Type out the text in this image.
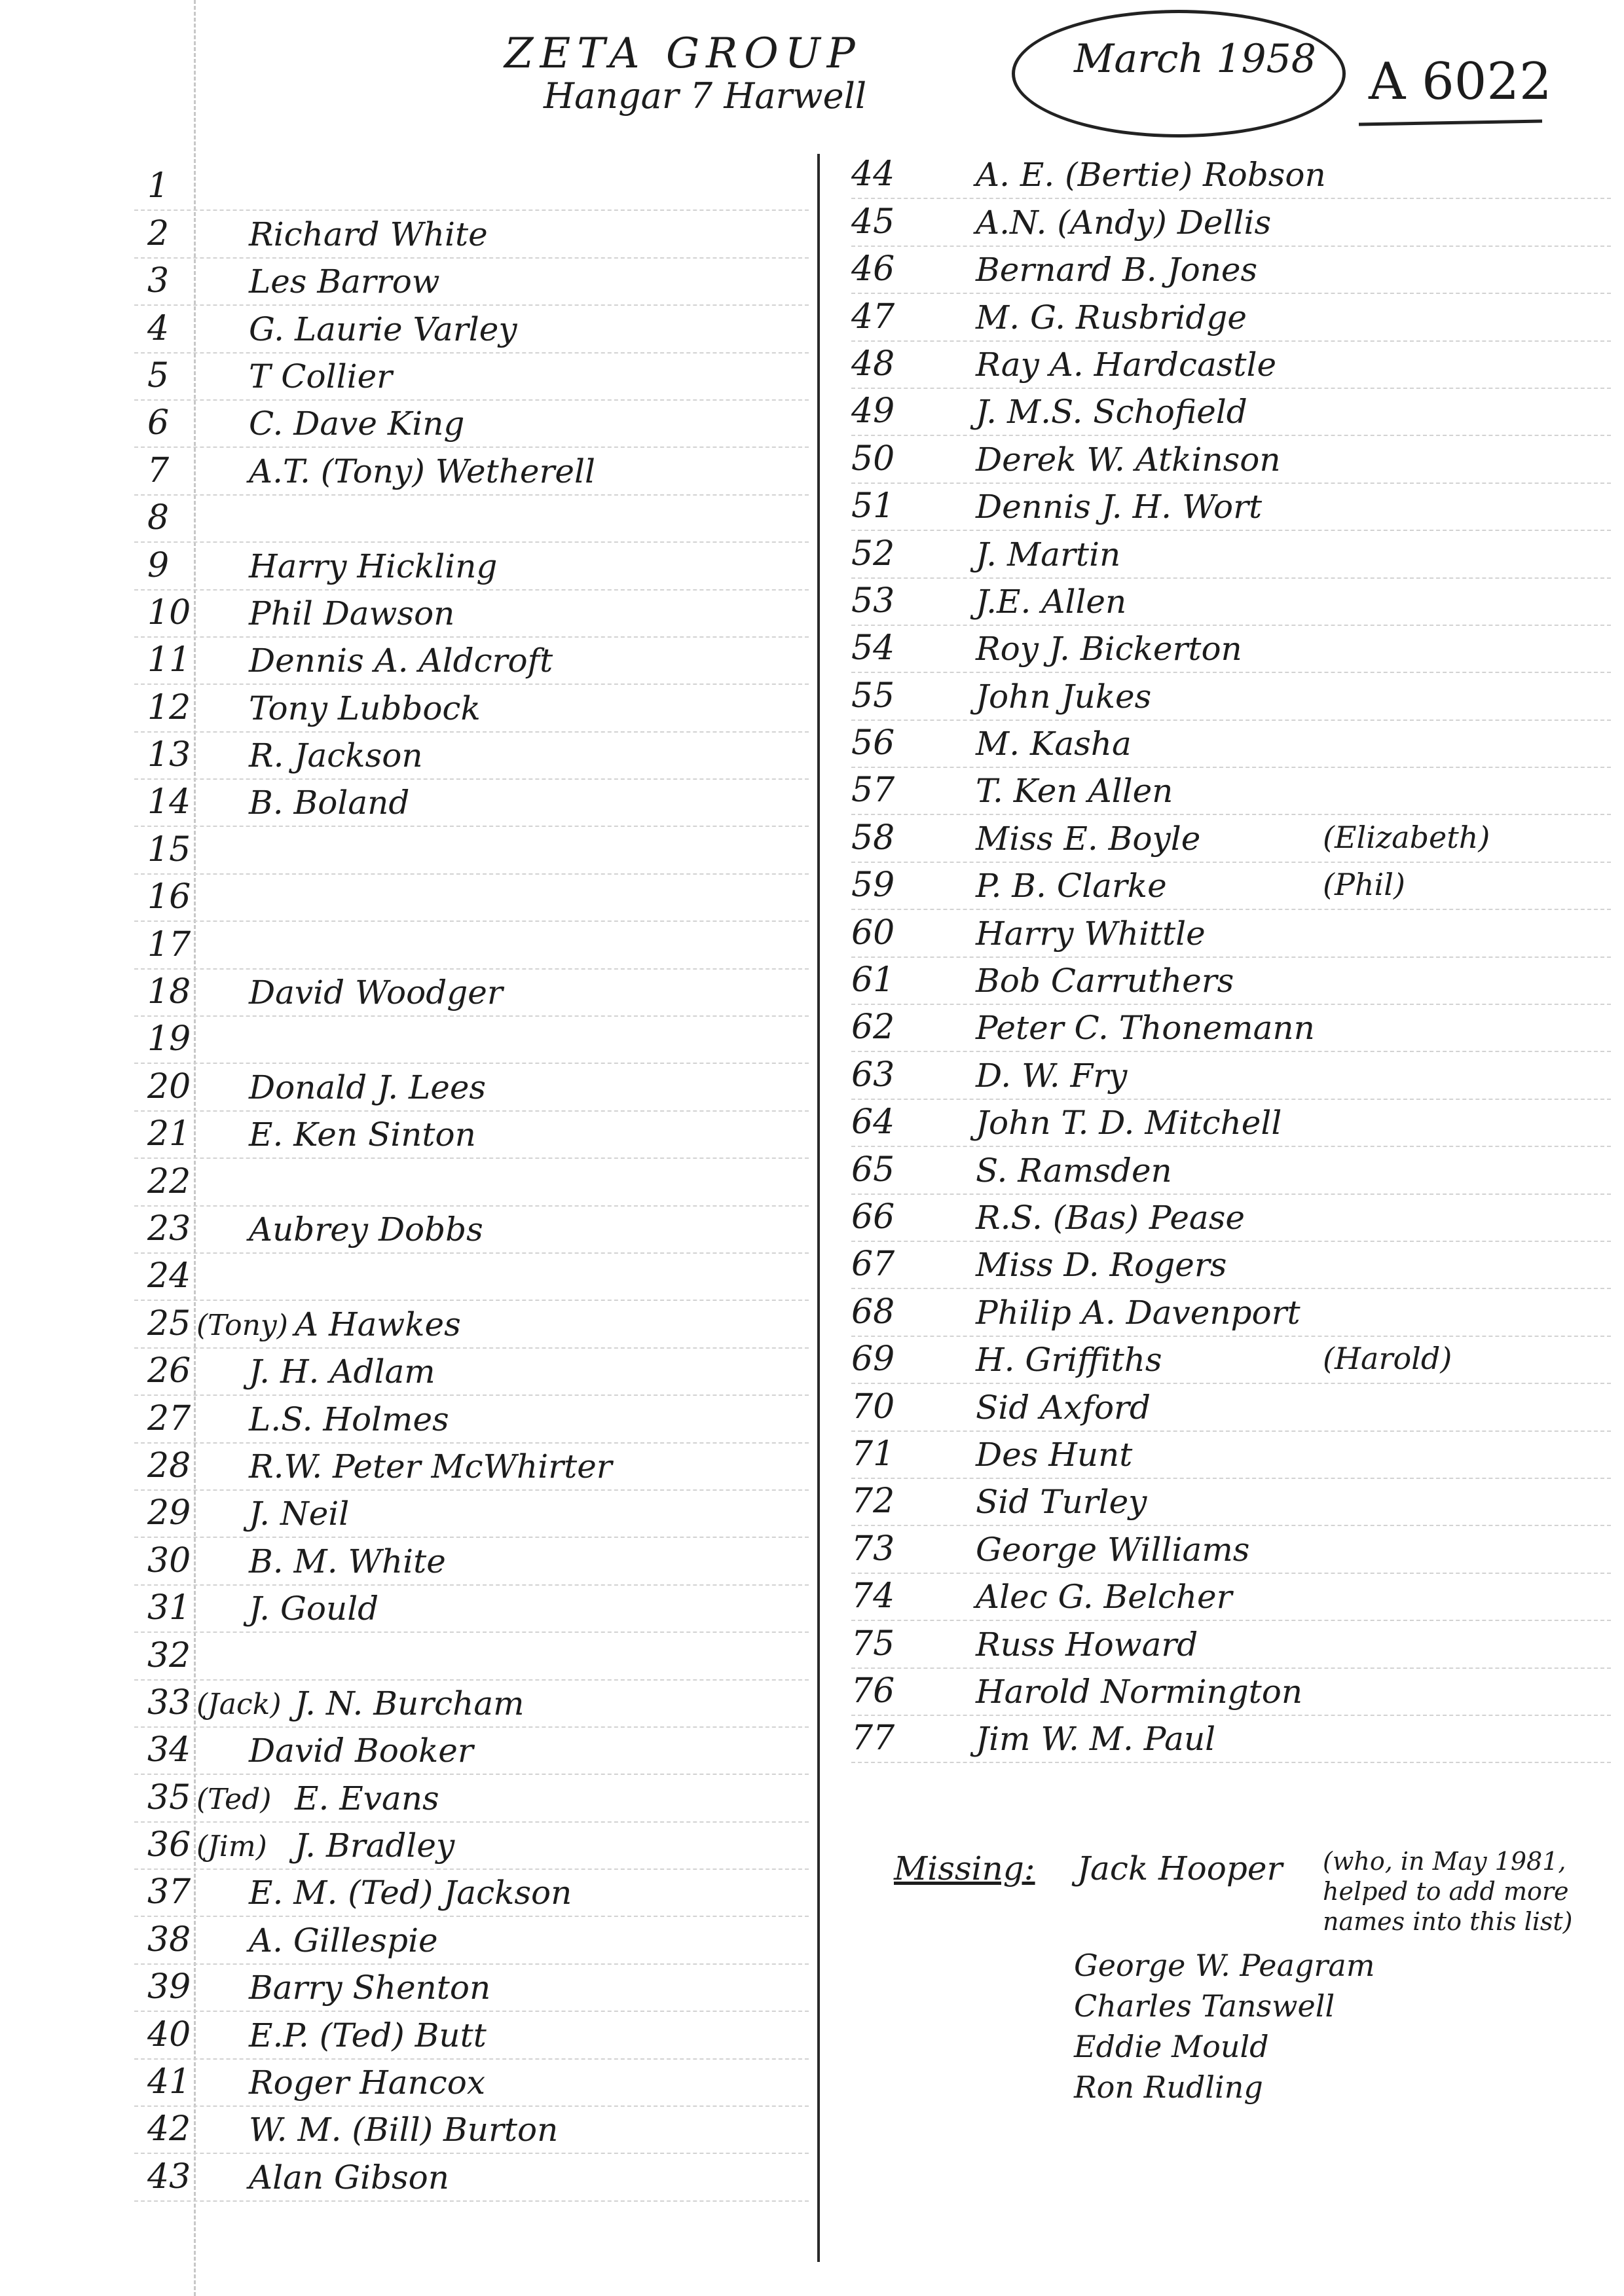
ZETA GROUP
Hangar 7 Harwell
March 1958 A 6022
1
2	Richard White
3	Les Barrow
4	G. Laurie Varley
5	T Collier
6	C. Dave King
7	A.T. (Tony) Wetherell
8
9	Harry Hickling
10	Phil Dawson
11	Dennis A. Aldcroft
12	Tony Lubbock
13	R. Jackson
14	B. Boland
15
16
17
18	David Woodger
19
20	Donald J. Lees
21	E. Ken Sinton
22
23	Aubrey Dobbs
24
25 (Tony) A Hawkes
26	J. H. Adlam
27	L.S. Holmes
28	R.W. Peter McWhirter
29	J. Neil
30	B. M. White
31	J. Gould
32
33 (Jack) J. N. Burcham
34	David Booker
35 (Ted) E. Evans
36 (Jim) J. Bradley
37	E. M. (Ted) Jackson
38	A. Gillespie
39	Barry Shenton
40	E.P. (Ted) Butt
41	Roger Hancox
42	W. M. (Bill) Burton
43	Alan Gibson
44	A. E. (Bertie) Robson
45	A.N. (Andy) Dellis
46	Bernard B. Jones
47	M. G. Rusbridge
48	Ray A. Hardcastle
49	J. M.S. Schofield
50	Derek W. Atkinson
51	Dennis J. H. Wort
52	J. Martin
53	J.E. Allen
54	Roy J. Bickerton
55	John Jukes
56	M. Kasha
57	T. Ken Allen
58	Miss E. Boyle	(Elizabeth)
59	P. B. Clarke	(Phil)
60	Harry Whittle
61	Bob Carruthers
62	Peter C. Thonemann
63	D. W. Fry
64	John T. D. Mitchell
65	S. Ramsden
66	R.S. (Bas) Pease
67	Miss D. Rogers
68	Philip A. Davenport
69	H. Griffiths	(Harold)
70	Sid Axford
71	Des Hunt
72	Sid Turley
73	George Williams
74	Alec G. Belcher
75	Russ Howard
76	Harold Normington
77	Jim W. M. Paul
Missing: Jack Hooper (who, in May 1981, helped to add more names into this list)
George W. Peagram
Charles Tanswell
Eddie Mould
Ron Rudling
